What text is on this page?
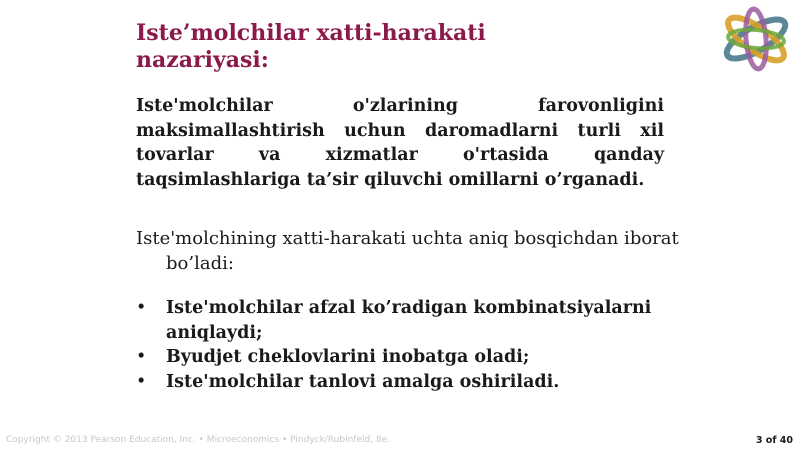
Iste’molchilar xatti-harakati nazariyasi:
Iste'molchilar o'zlarining farovonligini maksimallashtirish uchun daromadlarni turli xil tovarlar va xizmatlar o'rtasida qanday taqsimlashlariga ta’sir qiluvchi omillarni o’rganadi.
Iste'molchining xatti-harakati uchta aniq bosqichdan iborat bo’ladi:
• Iste'molchilar afzal ko’radigan kombinatsiyalarni aniqlaydi;
• Byudjet cheklovlarini inobatga oladi;
• Iste'molchilar tanlovi amalga oshiriladi.
Copyright © 2013 Pearson Education, Inc. • Microeconomics • Pindyck/Rubinfeld, 8e.	3 of 40
